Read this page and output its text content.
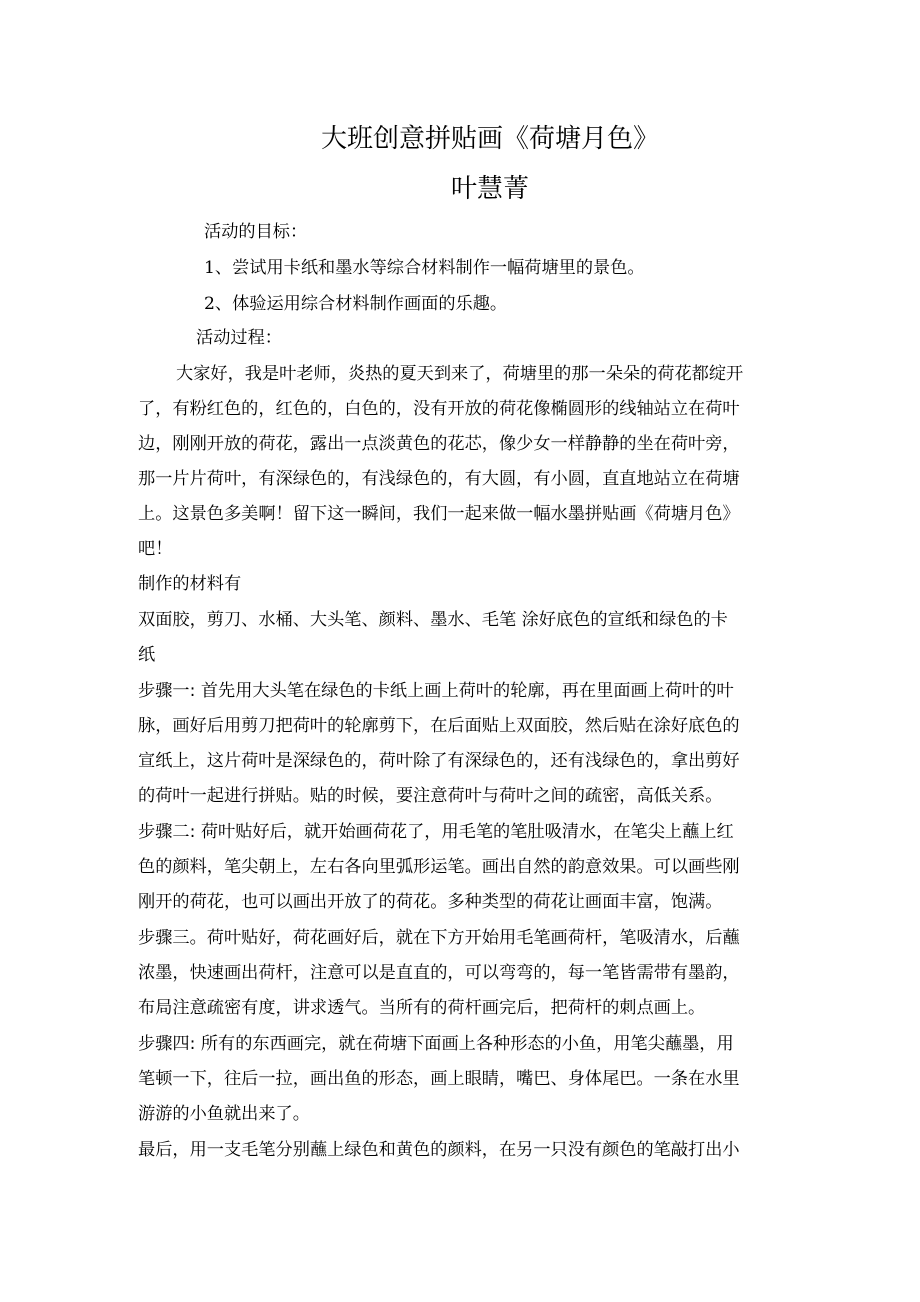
大班创意拼贴画《荷塘月色》
叶慧菁
活动的目标：
1、尝试用卡纸和墨水等综合材料制作一幅荷塘里的景色。
2、体验运用综合材料制作画面的乐趣。
活动过程：
大家好，我是叶老师，炎热的夏天到来了，荷塘里的那一朵朵的荷花都绽开
了，有粉红色的，红色的，白色的，没有开放的荷花像椭圆形的线轴站立在荷叶
边，刚刚开放的荷花，露出一点淡黄色的花芯，像少女一样静静的坐在荷叶旁，
那一片片荷叶，有深绿色的，有浅绿色的，有大圆，有小圆，直直地站立在荷塘
上。这景色多美啊！留下这一瞬间，我们一起来做一幅水墨拼贴画《荷塘月色》
吧！
制作的材料有
双面胶，剪刀、水桶、大头笔、颜料、墨水、毛笔 涂好底色的宣纸和绿色的卡
纸
步骤一: 首先用大头笔在绿色的卡纸上画上荷叶的轮廓，再在里面画上荷叶的叶
脉，画好后用剪刀把荷叶的轮廓剪下，在后面贴上双面胶，然后贴在涂好底色的
宣纸上，这片荷叶是深绿色的，荷叶除了有深绿色的，还有浅绿色的，拿出剪好
的荷叶一起进行拼贴。贴的时候，要注意荷叶与荷叶之间的疏密，高低关系。
步骤二: 荷叶贴好后，就开始画荷花了，用毛笔的笔肚吸清水，在笔尖上蘸上红
色的颜料，笔尖朝上，左右各向里弧形运笔。画出自然的韵意效果。可以画些刚
刚开的荷花，也可以画出开放了的荷花。多种类型的荷花让画面丰富，饱满。
步骤三。荷叶贴好，荷花画好后，就在下方开始用毛笔画荷杆，笔吸清水，后蘸
浓墨，快速画出荷杆，注意可以是直直的，可以弯弯的，每一笔皆需带有墨韵，
布局注意疏密有度，讲求透气。当所有的荷杆画完后，把荷杆的刺点画上。
步骤四: 所有的东西画完，就在荷塘下面画上各种形态的小鱼，用笔尖蘸墨，用
笔顿一下，往后一拉，画出鱼的形态，画上眼睛，嘴巴、身体尾巴。一条在水里
游游的小鱼就出来了。
最后，用一支毛笔分别蘸上绿色和黄色的颜料，在另一只没有颜色的笔敲打出小
